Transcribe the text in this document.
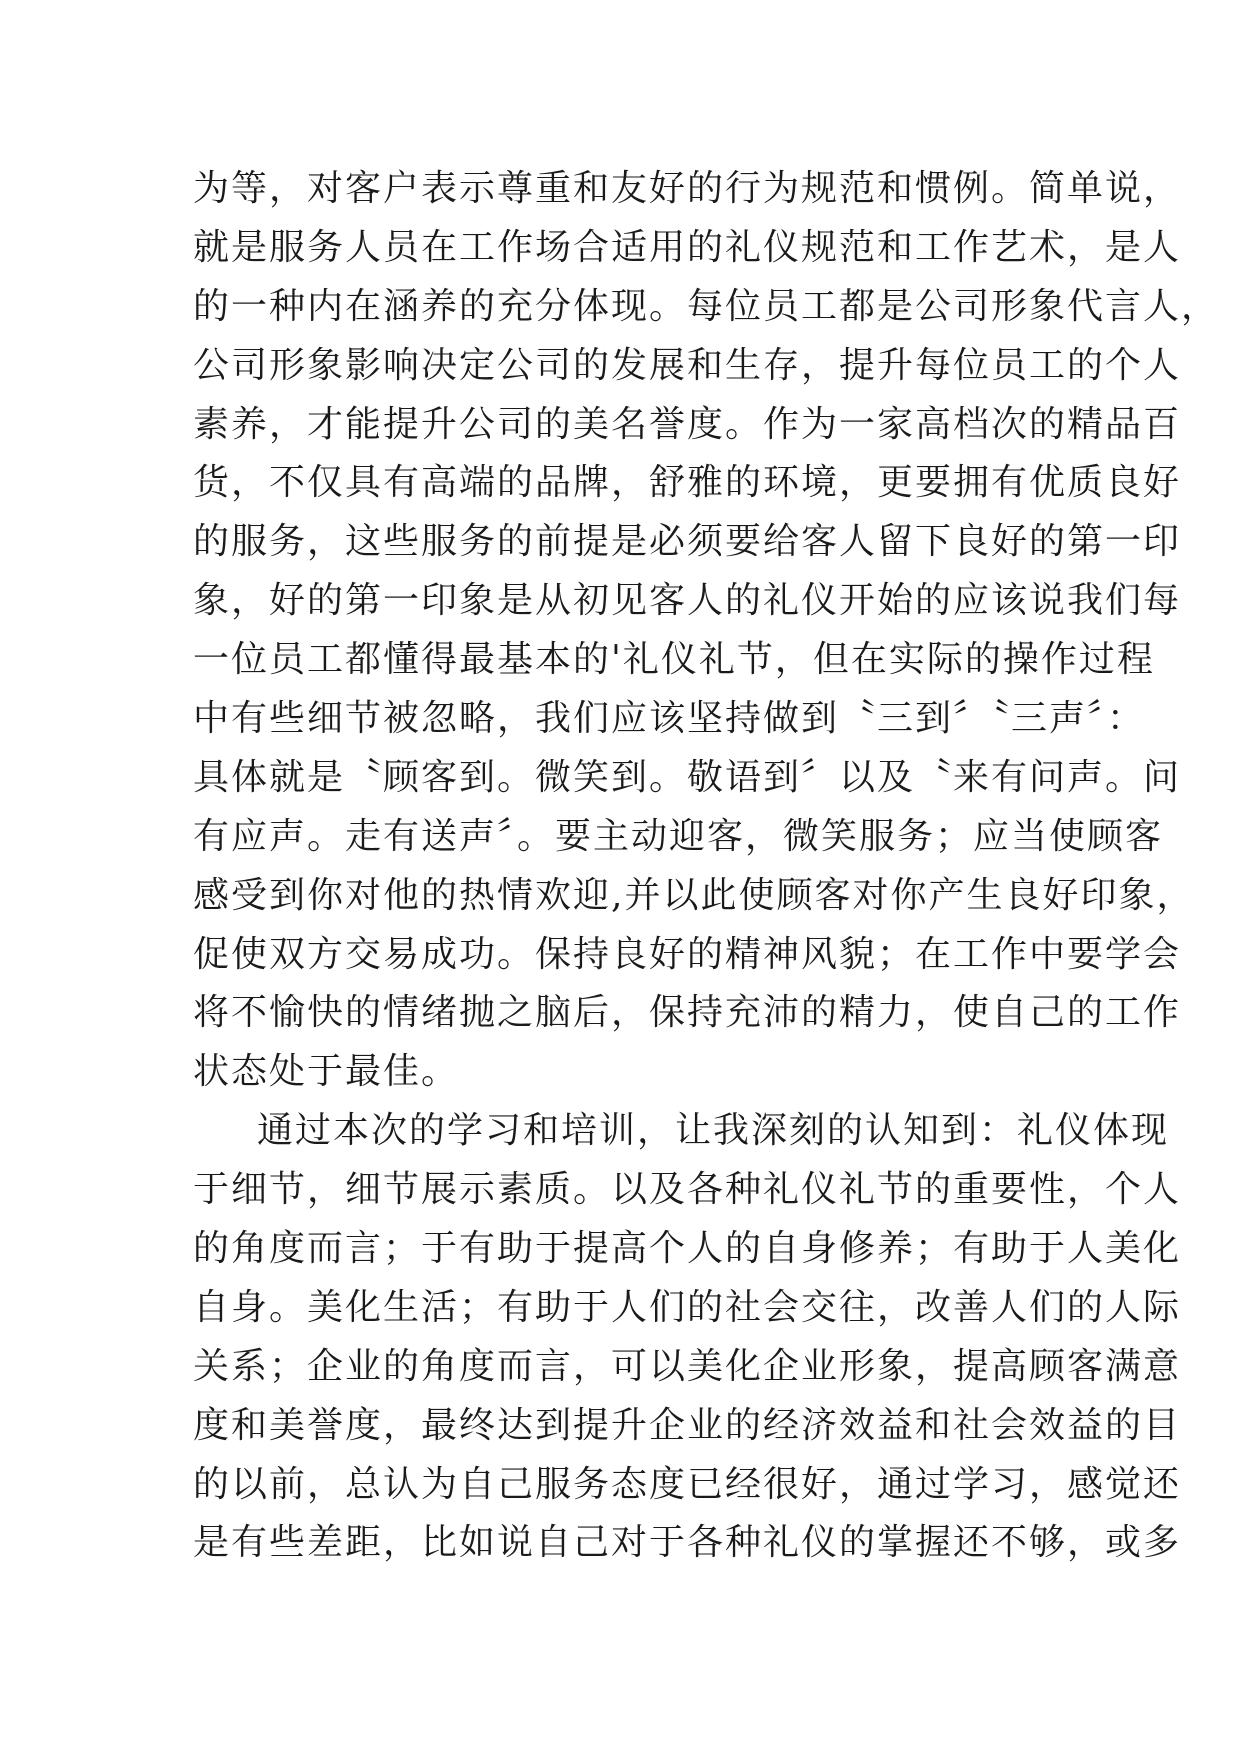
为等，对客户表示尊重和友好的行为规范和惯例。简单说，
就是服务人员在工作场合适用的礼仪规范和工作艺术，是人
的一种内在涵养的充分体现。每位员工都是公司形象代言人，
公司形象影响决定公司的发展和生存，提升每位员工的个人
素养，才能提升公司的美名誉度。作为一家高档次的精品百
货，不仅具有高端的品牌，舒雅的环境，更要拥有优质良好
的服务，这些服务的前提是必须要给客人留下良好的第一印
象，好的第一印象是从初见客人的礼仪开始的应该说我们每
一位员工都懂得最基本的'礼仪礼节，但在实际的操作过程
中有些细节被忽略，我们应该坚持做到〝三到〞〝三声〞：
具体就是〝顾客到。微笑到。敬语到〞以及〝来有问声。问
有应声。走有送声〞。要主动迎客，微笑服务；应当使顾客
感受到你对他的热情欢迎,并以此使顾客对你产生良好印象，
促使双方交易成功。保持良好的精神风貌；在工作中要学会
将不愉快的情绪抛之脑后，保持充沛的精力，使自己的工作
状态处于最佳。
通过本次的学习和培训，让我深刻的认知到：礼仪体现
于细节，细节展示素质。以及各种礼仪礼节的重要性，个人
的角度而言；于有助于提高个人的自身修养；有助于人美化
自身。美化生活；有助于人们的社会交往，改善人们的人际
关系；企业的角度而言，可以美化企业形象，提高顾客满意
度和美誉度，最终达到提升企业的经济效益和社会效益的目
的以前，总认为自己服务态度已经很好，通过学习，感觉还
是有些差距，比如说自己对于各种礼仪的掌握还不够，或多
